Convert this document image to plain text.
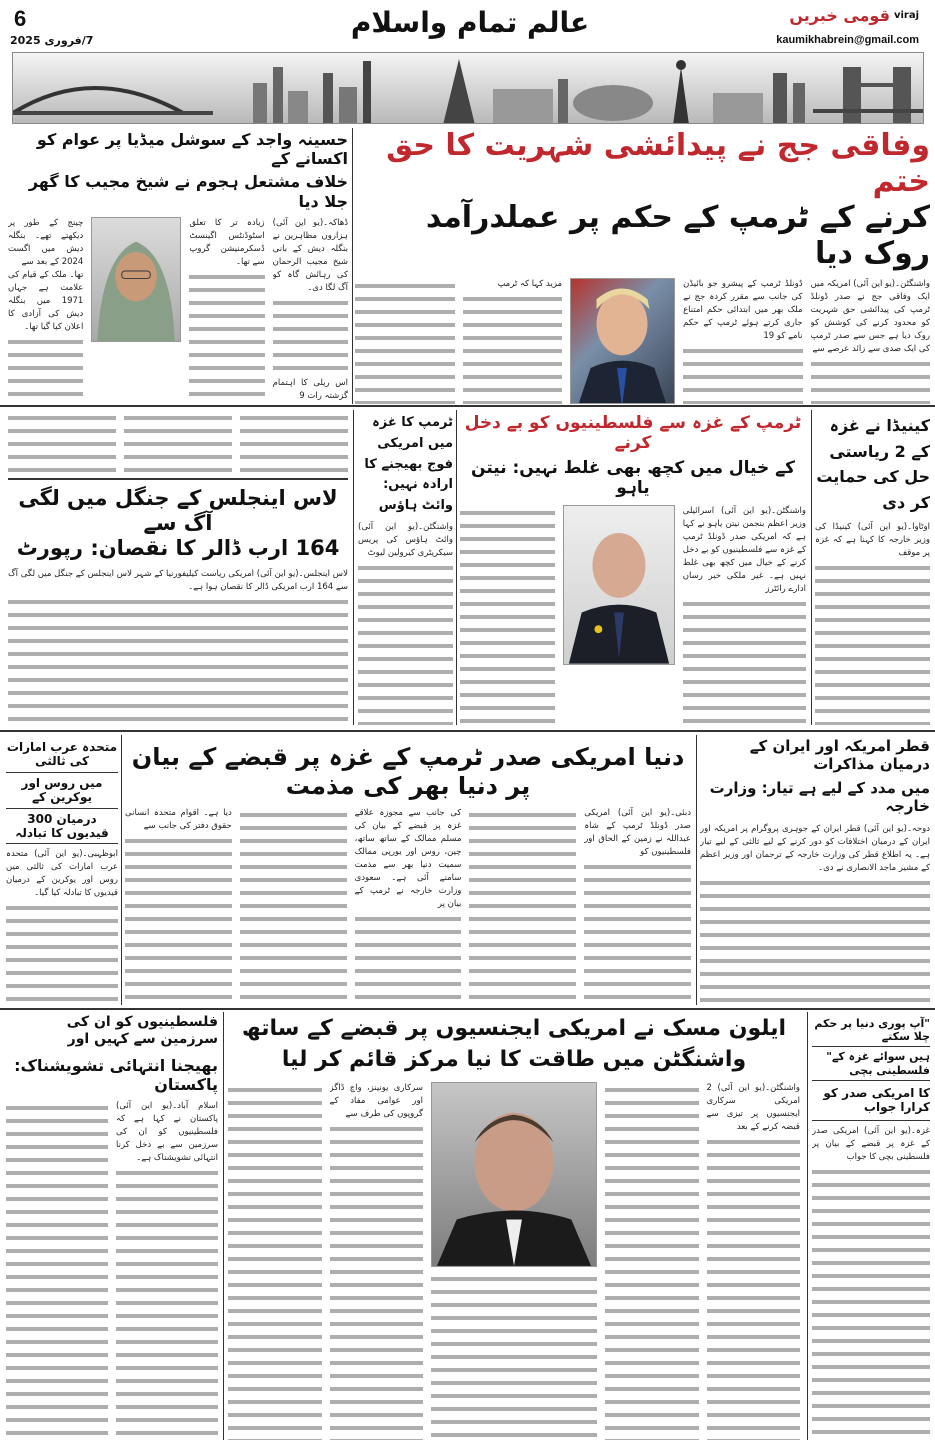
6
7/فروری 2025
عالم تمام واسلام	قومی خبریں viraj
kaumikhabrein@gmail.com
وفاقی جج نے پیدائشی شہریت کا حق ختم
کرنے کے ٹرمپ کے حکم پر عملدرآمد روک دیا

واشنگٹن۔(یو این آئی) امریکہ میں ایک وفاقی جج نے صدر ڈونلڈ ٹرمپ کی پیدائشی حق شہریت کو محدود کرنے کی کوشش کو روک دیا ہے جس سے صدر ٹرمپ کی ایک صدی سے زائد عرصے سے

ڈونلڈ ٹرمپ کے پیشرو جو بائیڈن کی جانب سے مقرر کردہ جج نے ملک بھر میں ابتدائی حکم امتناع جاری کرتے ہوئے ٹرمپ کے حکم نامے کو 19

مزید کہا کہ ٹرمپ

حسینہ واجد کے سوشل میڈیا پر عوام کو اکسانے کے
خلاف مشتعل ہجوم نے شیخ مجیب کا گھر جلا دیا

ڈھاکہ۔(یو این آئی) ہزاروں مظاہرین نے بنگلہ دیش کے بانی شیخ مجیب الرحمان کی رہائش گاہ کو آگ لگا دی۔

اس ریلی کا اہتمام گزشتہ رات 9

زیادہ تر کا تعلق اسٹوڈنٹس اگینسٹ ڈسکرمنیشن گروپ سے تھا۔

چینج کے طور پر دیکھتے تھے۔ بنگلہ دیش میں اگست 2024 کے بعد سے

تھا۔ ملک کے قیام کی علامت ہے جہاں 1971 میں بنگلہ دیش کی آزادی کا اعلان کیا گیا تھا۔

کینیڈا نے غزہ کے 2 ریاستی حل کی حمایت کر دی

اوٹاوا۔(یو این آئی) کینیڈا کی وزیر خارجہ کا کہنا ہے کہ غزہ پر موقف

ٹرمپ کے غزہ سے فلسطینیوں کو بے دخل کرنے
کے خیال میں کچھ بھی غلط نہیں: نیتن یاہو

واشنگٹن۔(یو این آئی) اسرائیلی وزیر اعظم بنجمن نیتن یاہو نے کہا ہے کہ امریکی صدر ڈونلڈ ٹرمپ کے غزہ سے فلسطینیوں کو بے دخل کرنے کے خیال میں کچھ بھی غلط نہیں ہے۔ غیر ملکی خبر رساں ادارے رائٹرز

ٹرمپ کا غزہ میں امریکی فوج بھیجنے کا ارادہ نہیں: وائٹ ہاؤس

واشنگٹن۔(یو این آئی) وائٹ ہاؤس کی پریس سیکریٹری کیرولین لیوٹ

لاس اینجلس کے جنگل میں لگی آگ سے
164 ارب ڈالر کا نقصان: رپورٹ

لاس اینجلس۔(یو این آئی) امریکی ریاست کیلیفورنیا کے شہر لاس اینجلس کے جنگل میں لگی آگ سے 164 ارب امریکی ڈالر کا نقصان ہوا ہے۔

قطر امریکہ اور ایران کے درمیان مذاکرات
میں مدد کے لیے ہے تیار: وزارت خارجہ

دوحہ۔(یو این آئی) قطر ایران کے جوہری پروگرام پر امریکہ اور ایران کے درمیان اختلافات کو دور کرنے کے لیے ثالثی کے لیے تیار ہے۔ یہ اطلاع قطر کی وزارت خارجہ کے ترجمان اور وزیر اعظم کے مشیر ماجد الانصاری نے دی۔

دنیا امریکی صدر ٹرمپ کے غزہ پر قبضے کے بیان پر دنیا بھر کی مذمت

دبئی۔(یو این آئی) امریکی صدر ڈونلڈ ٹرمپ کے شاہ عبداللہ نے زمین کے الحاق اور فلسطینیوں کو

کی جانب سے مجوزہ علاقے غزہ پر قبضے کے بیان کی مسلم ممالک کے ساتھ ساتھ، چین، روس اور یورپی ممالک سمیت دنیا بھر سے مذمت سامنے آئی ہے۔ سعودی وزارت خارجہ نے ٹرمپ کے بیان پر

دیا ہے۔ اقوام متحدہ انسانی حقوق دفتر کی جانب سے

متحدہ عرب امارات کی ثالثی
میں روس اور یوکرین کے
درمیان 300 قیدیوں کا تبادلہ

ابوظہبی۔(یو این آئی) متحدہ عرب امارات کی ثالثی میں روس اور یوکرین کے درمیان قیدیوں کا تبادلہ کیا گیا۔

"آپ پوری دنیا پر حکم چلا سکتے
ہیں سوائے غزہ کے" فلسطینی بچی
کا امریکی صدر کو کرارا جواب

غزہ۔(یو این آئی) امریکی صدر کے غزہ پر قبضے کے بیان پر فلسطینی بچی کا جواب

ایلون مسک نے امریکی ایجنسیوں پر قبضے کے ساتھ واشنگٹن میں طاقت کا نیا مرکز قائم کر لیا

واشنگٹن۔(یو این آئی) 2 امریکی سرکاری ایجنسیوں پر تیزی سے قبضہ کرنے کے بعد

سرکاری یونینز، واچ ڈاگز اور عوامی مفاد کے گروپوں کی طرف سے

فلسطینیوں کو ان کی سرزمین سے کہیں اور
بھیجنا انتہائی تشویشناک: پاکستان

اسلام آباد۔(یو این آئی) پاکستان نے کہا ہے کہ فلسطینیوں کو ان کی سرزمین سے بے دخل کرنا انتہائی تشویشناک ہے۔
